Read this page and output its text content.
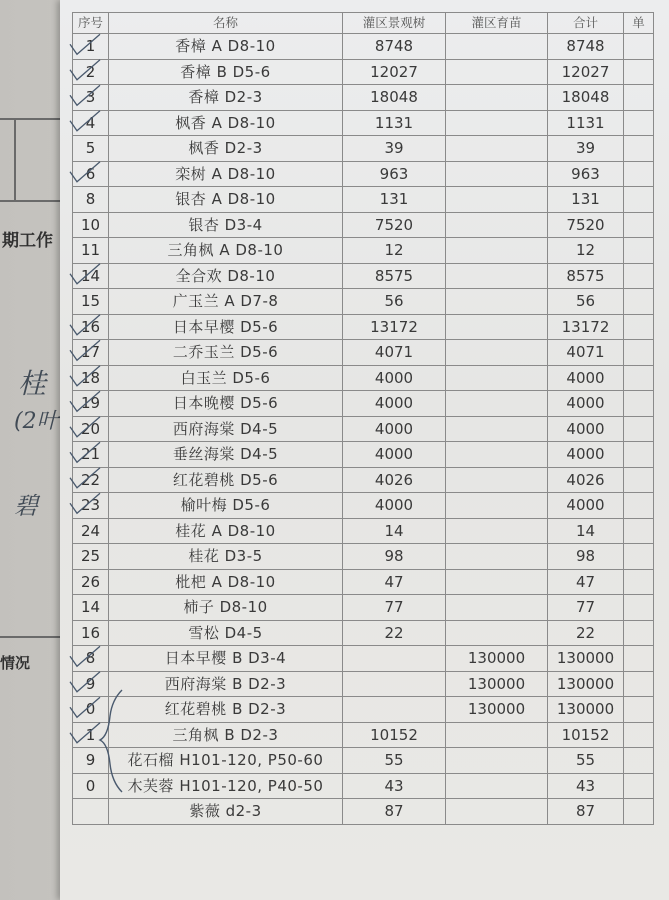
期工作
情况
桂
(2叶
碧
序号	名称	灌区景观树	灌区育苗	合计	单
1	香樟 A D8-10	8748		8748	
2	香樟 B D5-6	12027		12027	
3	香樟 D2-3	18048		18048	
4	枫香 A D8-10	1131		1131	
5	枫香 D2-3	39		39	
6	栾树 A D8-10	963		963	
8	银杏 A D8-10	131		131	
10	银杏 D3-4	7520		7520	
11	三角枫 A D8-10	12		12	
14	全合欢 D8-10	8575		8575	
15	广玉兰 A D7-8	56		56	
16	日本早樱 D5-6	13172		13172	
17	二乔玉兰 D5-6	4071		4071	
18	白玉兰 D5-6	4000		4000	
19	日本晚樱 D5-6	4000		4000	
20	西府海棠 D4-5	4000		4000	
21	垂丝海棠 D4-5	4000		4000	
22	红花碧桃 D5-6	4026		4026	
23	榆叶梅 D5-6	4000		4000	
24	桂花 A D8-10	14		14	
25	桂花 D3-5	98		98	
26	枇杷 A D8-10	47		47	
14	柿子 D8-10	77		77	
16	雪松 D4-5	22		22	
8	日本早樱 B D3-4		130000	130000	
9	西府海棠 B D2-3		130000	130000	
0	红花碧桃 B D2-3		130000	130000	
1	三角枫 B D2-3	10152		10152	
9	花石榴 H101-120, P50-60	55		55	
0	木芙蓉 H101-120, P40-50	43		43	
	紫薇 d2-3	87		87	
